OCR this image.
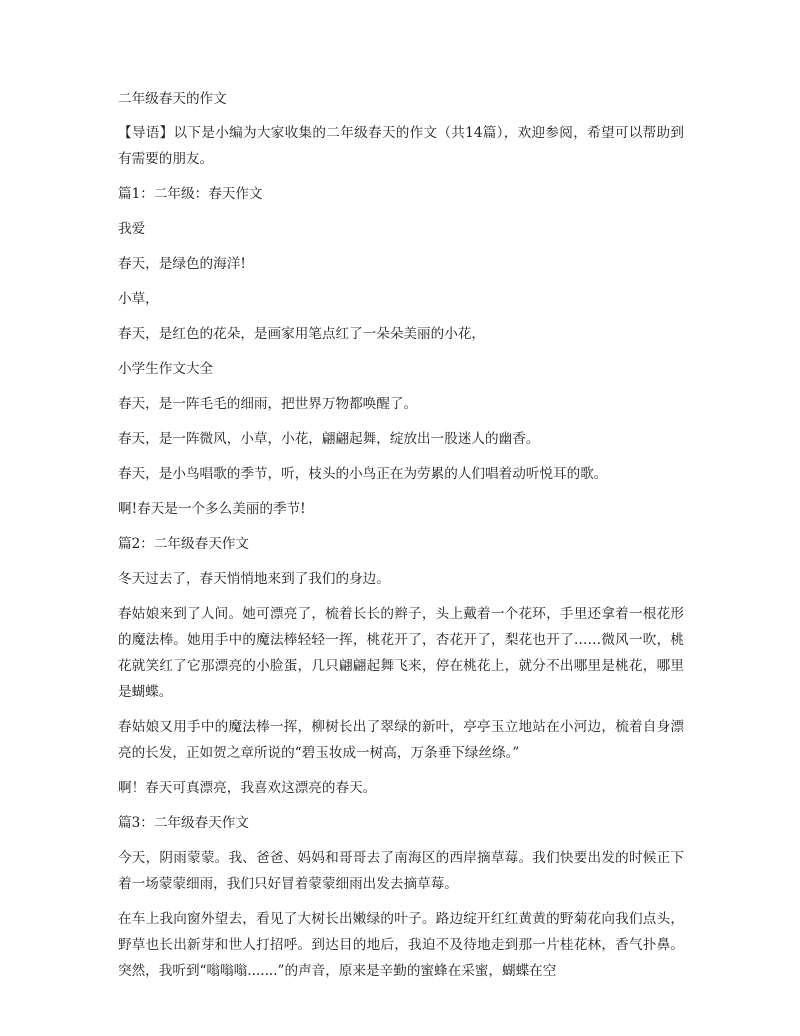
二年级春天的作文

【导语】以下是小编为大家收集的二年级春天的作文（共14篇），欢迎参阅，希望可以帮助到有需要的朋友。

篇1：二年级：春天作文

我爱

春天，是绿色的海洋!

小草，

春天，是红色的花朵，是画家用笔点红了一朵朵美丽的小花，

小学生作文大全

春天，是一阵毛毛的细雨，把世界万物都唤醒了。

春天，是一阵微风，小草，小花，翩翩起舞，绽放出一股迷人的幽香。

春天，是小鸟唱歌的季节，听，枝头的小鸟正在为劳累的人们唱着动听悦耳的歌。

啊!春天是一个多么美丽的季节!

篇2：二年级春天作文

冬天过去了，春天悄悄地来到了我们的身边。

春姑娘来到了人间。她可漂亮了，梳着长长的辫子，头上戴着一个花环，手里还拿着一根花形的魔法棒。她用手中的魔法棒轻轻一挥，桃花开了，杏花开了，梨花也开了……微风一吹，桃花就笑红了它那漂亮的小脸蛋，几只翩翩起舞飞来，停在桃花上，就分不出哪里是桃花，哪里是蝴蝶。

春姑娘又用手中的魔法棒一挥，柳树长出了翠绿的新叶，亭亭玉立地站在小河边，梳着自身漂亮的长发，正如贺之章所说的“碧玉妆成一树高，万条垂下绿丝绦。”

啊！春天可真漂亮，我喜欢这漂亮的春天。

篇3：二年级春天作文

今天，阴雨蒙蒙。我、爸爸、妈妈和哥哥去了南海区的西岸摘草莓。我们快要出发的时候正下着一场蒙蒙细雨，我们只好冒着蒙蒙细雨出发去摘草莓。

在车上我向窗外望去，看见了大树长出嫩绿的叶子。路边绽开红红黄黄的野菊花向我们点头，野草也长出新芽和世人打招呼。到达目的地后，我迫不及待地走到那一片桂花林，香气扑鼻。突然，我听到“嗡嗡嗡.......”的声音，原来是辛勤的蜜蜂在采蜜，蝴蝶在空
